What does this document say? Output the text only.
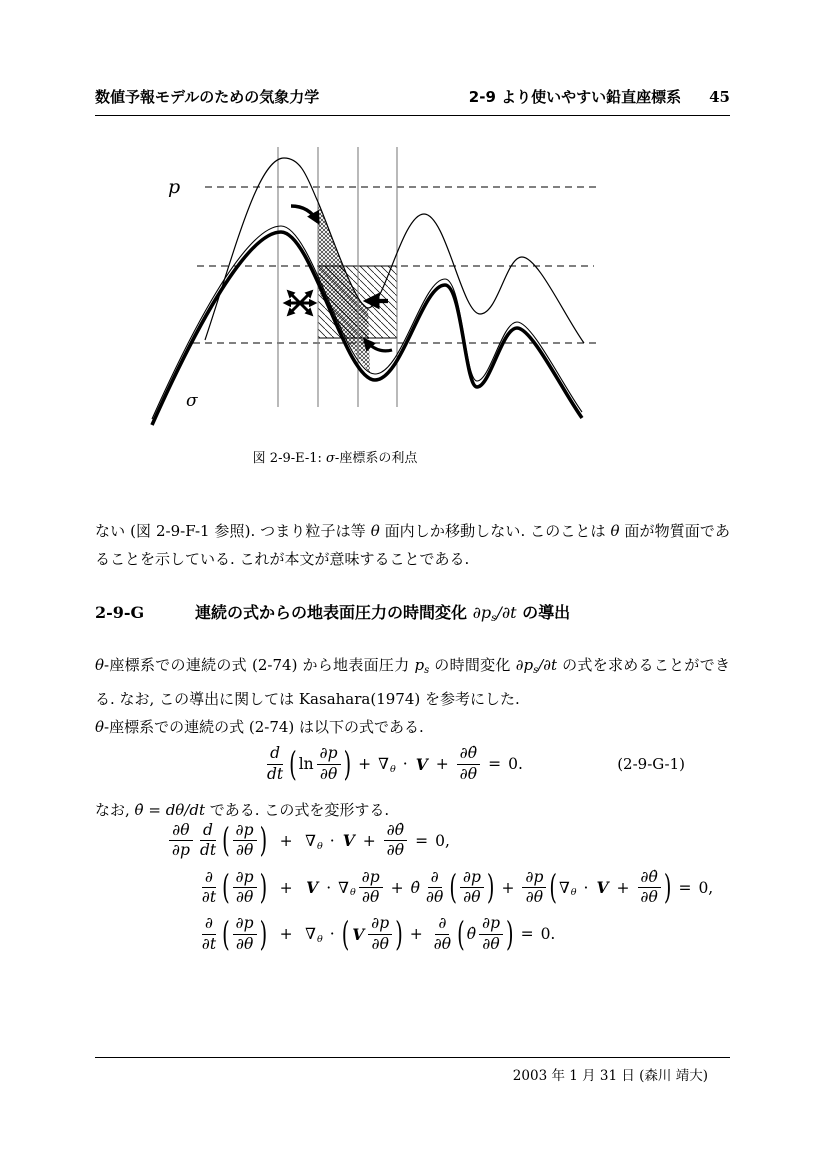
数値予報モデルのための気象力学	2-9 より使いやすい鉛直座標系 45
p
σ
図 2-9-E-1: σ-座標系の利点

ない (図 2-9-F-1 参照). つまり粒子は等 θ 面内しか移動しない. このことは θ 面が物質面であることを示している. これが本文が意味することである.

2-9-G	連続の式からの地表面圧力の時間変化 ∂ps/∂t の導出

θ-座標系での連続の式 (2-74) から地表面圧力 ps の時間変化 ∂ps/∂t の式を求めることができる. なお, この導出に関しては Kasahara(1974) を参考にした.

θ-座標系での連続の式 (2-74) は以下の式である.

d
dt ( ln
∂p
∂θ ) + ∇ $\theta \cdot V + \frac{\partial\thetȧ}{\partial\theta} = 0$.	(2-9-G-1)

なお, θ̇ = dθ/dt である. この式を変形する.

∂θ
∂p
d
dt ( ∂p
∂θ ) + ∇ $\theta \cdot V + \frac{\partial\thetȧ}{\partial\theta} = 0$,
∂
∂t ( ∂p
∂θ ) + V · ∇ θ
∂p
∂θ
+ θ̇
∂
∂θ ( ∂p
∂θ ) + $\frac{\partial p}{\partial\theta}$ ( ∇ $\theta \cdot V + \frac{\partial\thetȧ}{\partial\theta}$ ) = 0,
∂
∂t ( ∂p
∂θ ) + ∇ θ · ( V
∂p
∂θ ) +
∂
∂θ ( θ̇
∂p
∂θ ) = 0.
2003 年 1 月 31 日 (森川 靖大)
